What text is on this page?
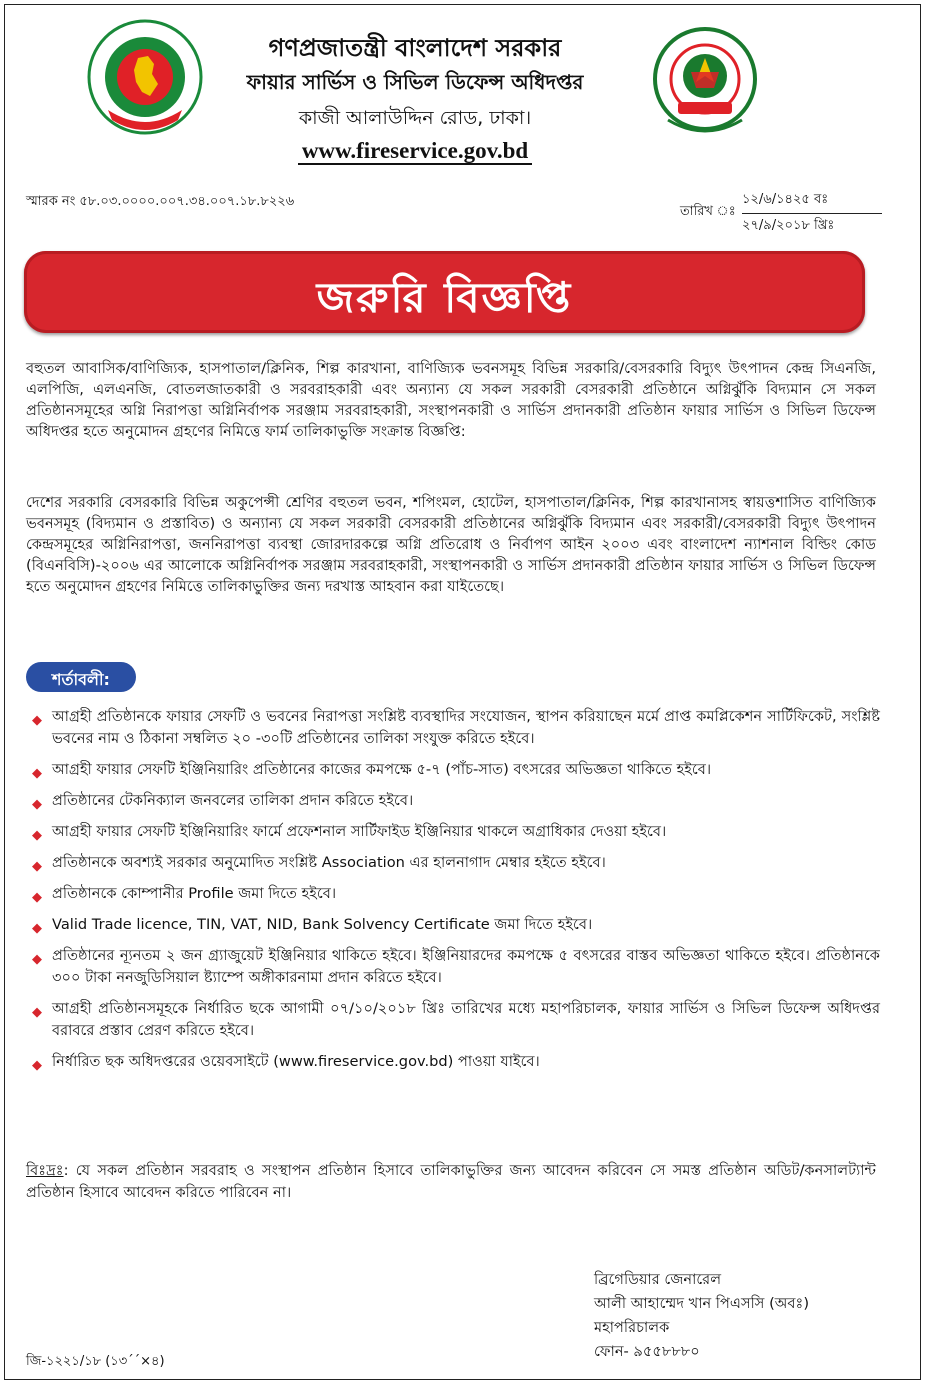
গণপ্রজাতন্ত্রী বাংলাদেশ সরকার
ফায়ার সার্ভিস ও সিভিল ডিফেন্স অধিদপ্তর
কাজী আলাউদ্দিন রোড, ঢাকা।
www.fireservice.gov.bd
স্মারক নং ৫৮.০৩.০০০০.০০৭.৩৪.০০৭.১৮.৮২২৬
তারিখ ঃ
১২/৬/১৪২৫ বঃ
২৭/৯/২০১৮ খ্রিঃ
জরুরি বিজ্ঞপ্তি
বহুতল আবাসিক/বাণিজ্যিক, হাসপাতাল/ক্লিনিক, শিল্প কারখানা, বাণিজ্যিক ভবনসমূহ বিভিন্ন সরকারি/বেসরকারি বিদ্যুৎ উৎপাদন কেন্দ্র সিএনজি, এলপিজি, এলএনজি, বোতলজাতকারী ও সরবরাহকারী এবং অন্যান্য যে সকল সরকারী বেসরকারী প্রতিষ্ঠানে অগ্নিঝুঁকি বিদ্যমান সে সকল প্রতিষ্ঠানসমূহের অগ্নি নিরাপত্তা অগ্নিনির্বাপক সরঞ্জাম সরবরাহকারী, সংস্থাপনকারী ও সার্ভিস প্রদানকারী প্রতিষ্ঠান ফায়ার সার্ভিস ও সিভিল ডিফেন্স অধিদপ্তর হতে অনুমোদন গ্রহণের নিমিত্তে ফার্ম তালিকাভুক্তি সংক্রান্ত বিজ্ঞপ্তি:
দেশের সরকারি বেসরকারি বিভিন্ন অকুপেন্সী শ্রেণির বহুতল ভবন, শপিংমল, হোটেল, হাসপাতাল/ক্লিনিক, শিল্প কারখানাসহ স্বায়ত্তশাসিত বাণিজ্যিক ভবনসমূহ (বিদ্যমান ও প্রস্তাবিত) ও অন্যান্য যে সকল সরকারী বেসরকারী প্রতিষ্ঠানের অগ্নিঝুঁকি বিদ্যমান এবং সরকারী/বেসরকারী বিদ্যুৎ উৎপাদন কেন্দ্রসমূহের অগ্নিনিরাপত্তা, জননিরাপত্তা ব্যবস্থা জোরদারকল্পে অগ্নি প্রতিরোধ ও নির্বাপণ আইন ২০০৩ এবং বাংলাদেশ ন্যাশনাল বিল্ডিং কোড (বিএনবিসি)-২০০৬ এর আলোকে অগ্নিনির্বাপক সরঞ্জাম সরবরাহকারী, সংস্থাপনকারী ও সার্ভিস প্রদানকারী প্রতিষ্ঠান ফায়ার সার্ভিস ও সিভিল ডিফেন্স হতে অনুমোদন গ্রহণের নিমিত্তে তালিকাভুক্তির জন্য দরখাস্ত আহবান করা যাইতেছে।
শর্তাবলী:
◆ আগ্রহী প্রতিষ্ঠানকে ফায়ার সেফটি ও ভবনের নিরাপত্তা সংশ্লিষ্ট ব্যবস্থাদির সংযোজন, স্থাপন করিয়াছেন মর্মে প্রাপ্ত কমপ্লিকেশন সার্টিফিকেট, সংশ্লিষ্ট ভবনের নাম ও ঠিকানা সম্বলিত ২০ -৩০টি প্রতিষ্ঠানের তালিকা সংযুক্ত করিতে হইবে।
◆ আগ্রহী ফায়ার সেফটি ইঞ্জিনিয়ারিং প্রতিষ্ঠানের কাজের কমপক্ষে ৫-৭ (পাঁচ-সাত) বৎসরের অভিজ্ঞতা থাকিতে হইবে।
◆ প্রতিষ্ঠানের টেকনিক্যাল জনবলের তালিকা প্রদান করিতে হইবে।
◆ আগ্রহী ফায়ার সেফটি ইঞ্জিনিয়ারিং ফার্মে প্রফেশনাল সার্টিফাইড ইঞ্জিনিয়ার থাকলে অগ্রাধিকার দেওয়া হইবে।
◆ প্রতিষ্ঠানকে অবশ্যই সরকার অনুমোদিত সংশ্লিষ্ট Association এর হালনাগাদ মেম্বার হইতে হইবে।
◆ প্রতিষ্ঠানকে কোম্পানীর Profile জমা দিতে হইবে।
◆ Valid Trade licence, TIN, VAT, NID, Bank Solvency Certificate জমা দিতে হইবে।
◆ প্রতিষ্ঠানের ন্যূনতম ২ জন গ্র্যাজুয়েট ইঞ্জিনিয়ার থাকিতে হইবে। ইঞ্জিনিয়ারদের কমপক্ষে ৫ বৎসরের বাস্তব অভিজ্ঞতা থাকিতে হইবে। প্রতিষ্ঠানকে ৩০০ টাকা ননজুডিসিয়াল ষ্ট্যাম্পে অঙ্গীকারনামা প্রদান করিতে হইবে।
◆ আগ্রহী প্রতিষ্ঠানসমূহকে নির্ধারিত ছকে আগামী ০৭/১০/২০১৮ খ্রিঃ তারিখের মধ্যে মহাপরিচালক, ফায়ার সার্ভিস ও সিভিল ডিফেন্স অধিদপ্তর বরাবরে প্রস্তাব প্রেরণ করিতে হইবে।
◆ নির্ধারিত ছক অধিদপ্তরের ওয়েবসাইটে (www.fireservice.gov.bd) পাওয়া যাইবে।
বিঃদ্রঃ: যে সকল প্রতিষ্ঠান সরবরাহ ও সংস্থাপন প্রতিষ্ঠান হিসাবে তালিকাভুক্তির জন্য আবেদন করিবেন সে সমস্ত প্রতিষ্ঠান অডিট/কনসালট্যান্ট প্রতিষ্ঠান হিসাবে আবেদন করিতে পারিবেন না।
ব্রিগেডিয়ার জেনারেল
আলী আহাম্মেদ খান পিএসসি (অবঃ)
মহাপরিচালক
ফোন- ৯৫৫৮৮৮০
জি-১২২১/১৮ (১৩´´×৪)
